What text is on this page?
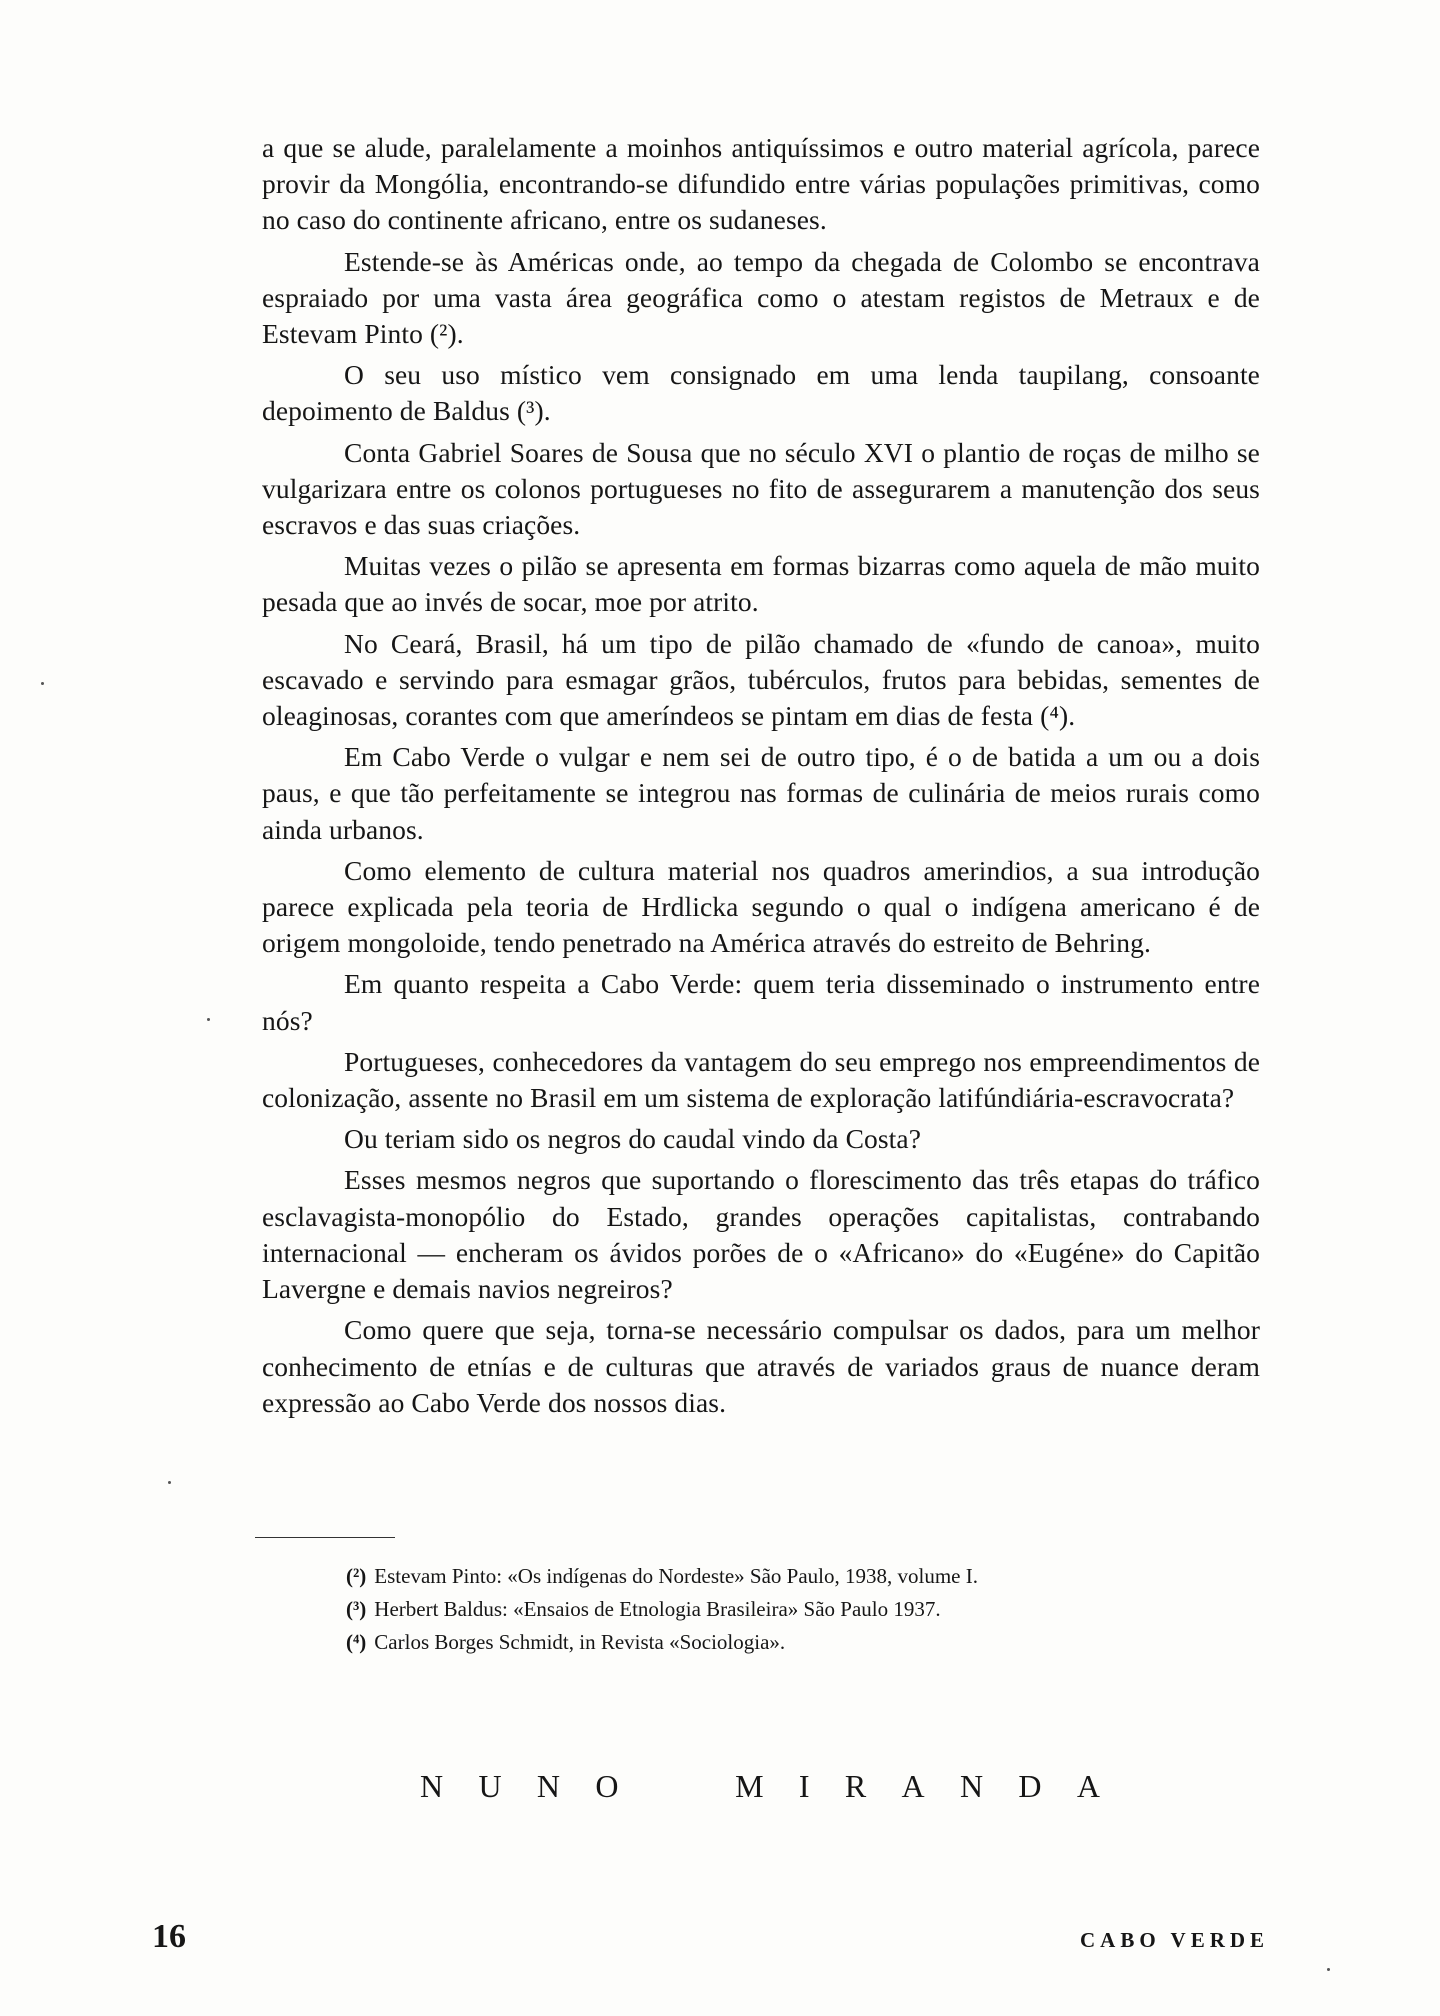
a que se alude, paralelamente a moinhos antiquíssimos e outro material agrícola, parece provir da Mongólia, encontrando-se difundido entre várias populações primitivas, como no caso do continente africano, entre os sudaneses.

Estende-se às Américas onde, ao tempo da chegada de Colombo se encontrava espraiado por uma vasta área geográfica como o atestam registos de Metraux e de Estevam Pinto (²).

O seu uso místico vem consignado em uma lenda taupilang, consoante depoimento de Baldus (³).

Conta Gabriel Soares de Sousa que no século XVI o plantio de roças de milho se vulgarizara entre os colonos portugueses no fito de assegurarem a manutenção dos seus escravos e das suas criações.

Muitas vezes o pilão se apresenta em formas bizarras como aquela de mão muito pesada que ao invés de socar, moe por atrito.

No Ceará, Brasil, há um tipo de pilão chamado de «fundo de canoa», muito escavado e servindo para esmagar grãos, tubérculos, frutos para bebidas, sementes de oleaginosas, corantes com que ameríndeos se pintam em dias de festa (⁴).

Em Cabo Verde o vulgar e nem sei de outro tipo, é o de batida a um ou a dois paus, e que tão perfeitamente se integrou nas formas de culinária de meios rurais como ainda urbanos.

Como elemento de cultura material nos quadros amerindios, a sua introdução parece explicada pela teoria de Hrdlicka segundo o qual o indígena americano é de origem mongoloide, tendo penetrado na América através do estreito de Behring.

Em quanto respeita a Cabo Verde: quem teria disseminado o instrumento entre nós?

Portugueses, conhecedores da vantagem do seu emprego nos empreendimentos de colonização, assente no Brasil em um sistema de exploração latifúndiária-escravocrata?

Ou teriam sido os negros do caudal vindo da Costa?

Esses mesmos negros que suportando o florescimento das três etapas do tráfico esclavagista-monopólio do Estado, grandes operações capitalistas, contrabando internacional — encheram os ávidos porões de o «Africano» do «Eugéne» do Capitão Lavergne e demais navios negreiros?

Como quere que seja, torna-se necessário compulsar os dados, para um melhor conhecimento de etnías e de culturas que através de variados graus de nuance deram expressão ao Cabo Verde dos nossos dias.

(²) Estevam Pinto: «Os indígenas do Nordeste» São Paulo, 1938, volume I.

(³) Herbert Baldus: «Ensaios de Etnologia Brasileira» São Paulo 1937.

(⁴) Carlos Borges Schmidt, in Revista «Sociologia».

N U N O	M I R A N D A
16	CABO VERDE
